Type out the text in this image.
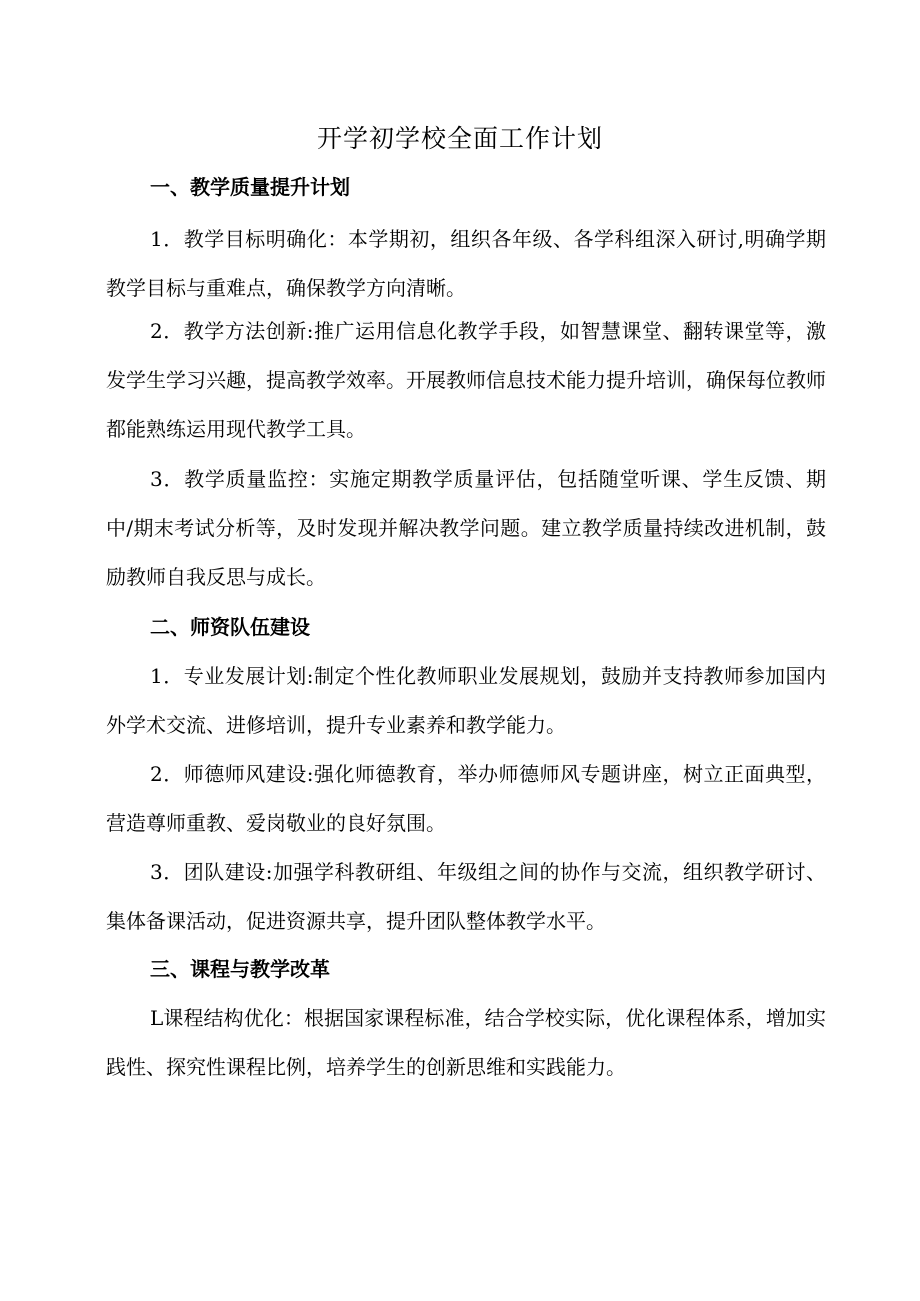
开学初学校全面工作计划
一、教学质量提升计划
1．教学目标明确化：本学期初，组织各年级、各学科组深入研讨,明确学期教学目标与重难点，确保教学方向清晰。
2．教学方法创新:推广运用信息化教学手段，如智慧课堂、翻转课堂等，激发学生学习兴趣，提高教学效率。开展教师信息技术能力提升培训，确保每位教师都能熟练运用现代教学工具。
3．教学质量监控：实施定期教学质量评估，包括随堂听课、学生反馈、期中/期末考试分析等，及时发现并解决教学问题。建立教学质量持续改进机制，鼓励教师自我反思与成长。
二、师资队伍建设
1．专业发展计划:制定个性化教师职业发展规划，鼓励并支持教师参加国内外学术交流、进修培训，提升专业素养和教学能力。
2．师德师风建设:强化师德教育，举办师德师风专题讲座，树立正面典型，营造尊师重教、爱岗敬业的良好氛围。
3．团队建设:加强学科教研组、年级组之间的协作与交流，组织教学研讨、集体备课活动，促进资源共享，提升团队整体教学水平。
三、课程与教学改革
L课程结构优化：根据国家课程标准，结合学校实际，优化课程体系，增加实践性、探究性课程比例，培养学生的创新思维和实践能力。
